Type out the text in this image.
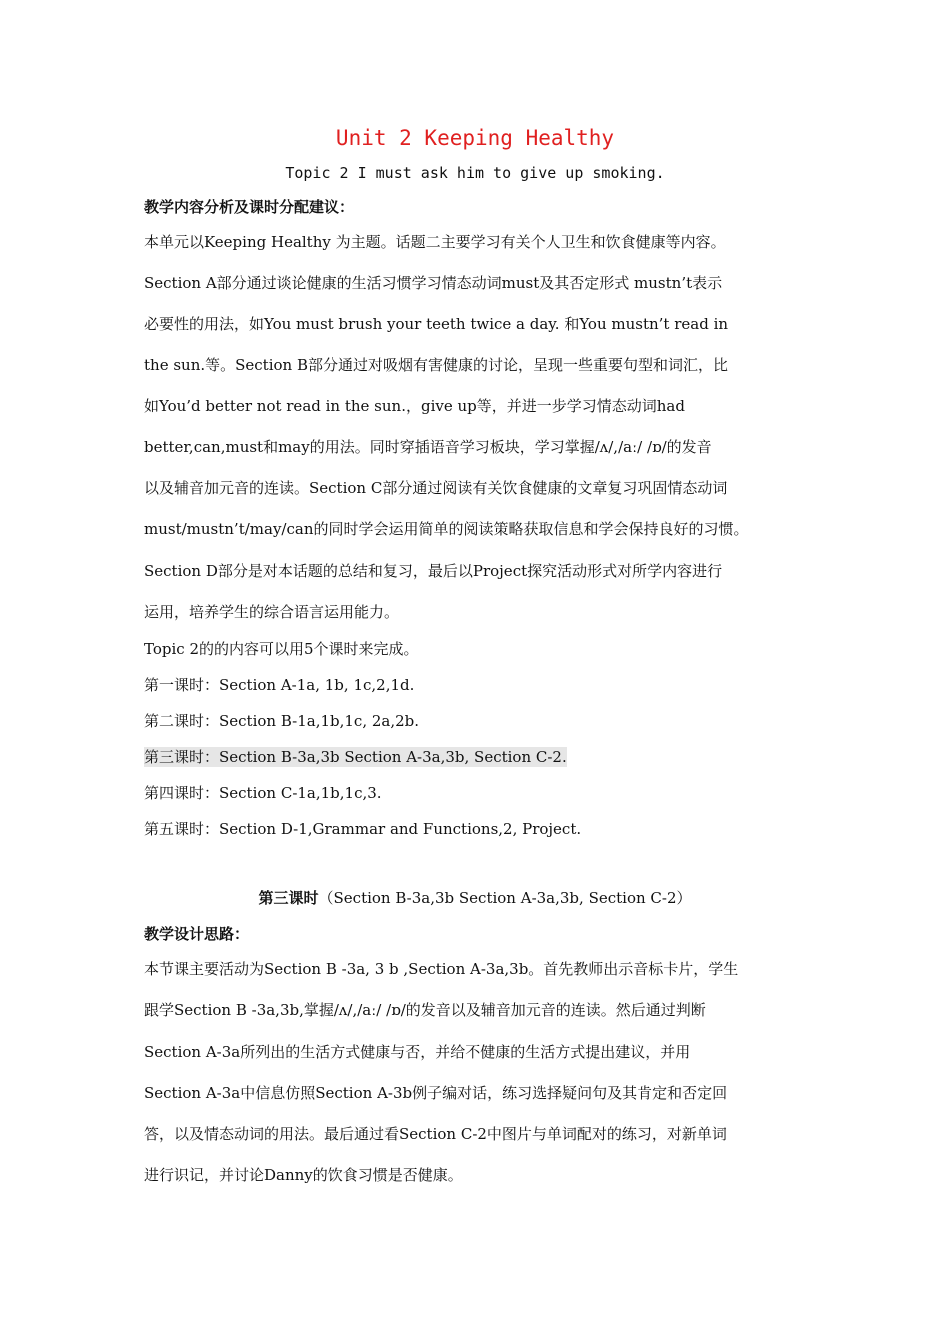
Unit 2 Keeping Healthy
Topic 2 I must ask him to give up smoking.
教学内容分析及课时分配建议：
本单元以Keeping Healthy 为主题。话题二主要学习有关个人卫生和饮食健康等内容。
Section A部分通过谈论健康的生活习惯学习情态动词must及其否定形式 mustn’t表示
必要性的用法，如You must brush your teeth twice a day. 和You mustn’t read in
the sun.等。Section B部分通过对吸烟有害健康的讨论，呈现一些重要句型和词汇，比
如You’d better not read in the sun.，give up等，并进一步学习情态动词had
better,can,must和may的用法。同时穿插语音学习板块，学习掌握/ʌ/,/aː/ /ɒ/的发音
以及辅音加元音的连读。Section C部分通过阅读有关饮食健康的文章复习巩固情态动词
must/mustn’t/may/can的同时学会运用简单的阅读策略获取信息和学会保持良好的习惯。
Section D部分是对本话题的总结和复习，最后以Project探究活动形式对所学内容进行
运用，培养学生的综合语言运用能力。
Topic 2的的内容可以用5个课时来完成。
第一课时：Section A-1a, 1b, 1c,2,1d.
第二课时：Section B-1a,1b,1c, 2a,2b.
第三课时：Section B-3a,3b Section A-3a,3b, Section C-2.
第四课时：Section C-1a,1b,1c,3.
第五课时：Section D-1,Grammar and Functions,2, Project.
第三课时（Section B-3a,3b Section A-3a,3b, Section C-2）
教学设计思路：
本节课主要活动为Section B -3a, 3 b ,Section A-3a,3b。首先教师出示音标卡片，学生
跟学Section B -3a,3b,掌握/ʌ/,/aː/ /ɒ/的发音以及辅音加元音的连读。然后通过判断
Section A-3a所列出的生活方式健康与否，并给不健康的生活方式提出建议，并用
Section A-3a中信息仿照Section A-3b例子编对话，练习选择疑问句及其肯定和否定回
答，以及情态动词的用法。最后通过看Section C-2中图片与单词配对的练习，对新单词
进行识记，并讨论Danny的饮食习惯是否健康。
